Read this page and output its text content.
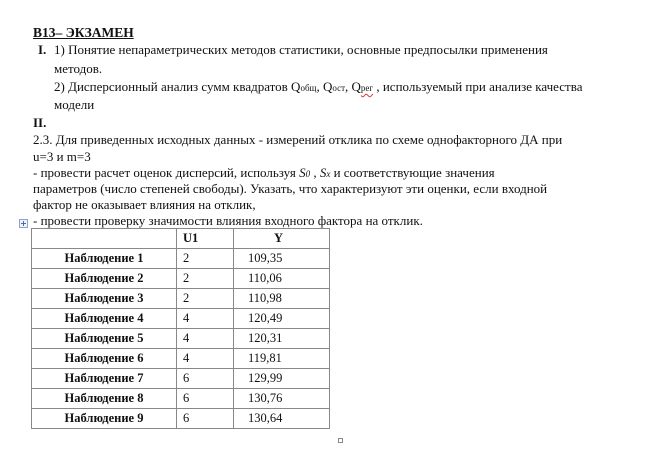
В13– ЭКЗАМЕН
I. 1) Понятие непараметрических методов статистики, основные предпосылки применения
методов.
2) Дисперсионный анализ сумм квадратов Qобщ, Qост, Qрег , используемый при анализе качества
модели
II.
2.3. Для приведенных исходных данных - измерений отклика по схеме однофакторного ДА при
u=3 и m=3
- провести расчет оценок дисперсий, используя S0 , Sx и соответствующие значения
параметров (число степеней свободы). Указать, что характеризуют эти оценки, если входной
фактор не оказывает влияния на отклик,
- провести проверку значимости влияния входного фактора на отклик.
	U1	Y
Наблюдение 1	2	109,35
Наблюдение 2	2	110,06
Наблюдение 3	2	110,98
Наблюдение 4	4	120,49
Наблюдение 5	4	120,31
Наблюдение 6	4	119,81
Наблюдение 7	6	129,99
Наблюдение 8	6	130,76
Наблюдение 9	6	130,64
